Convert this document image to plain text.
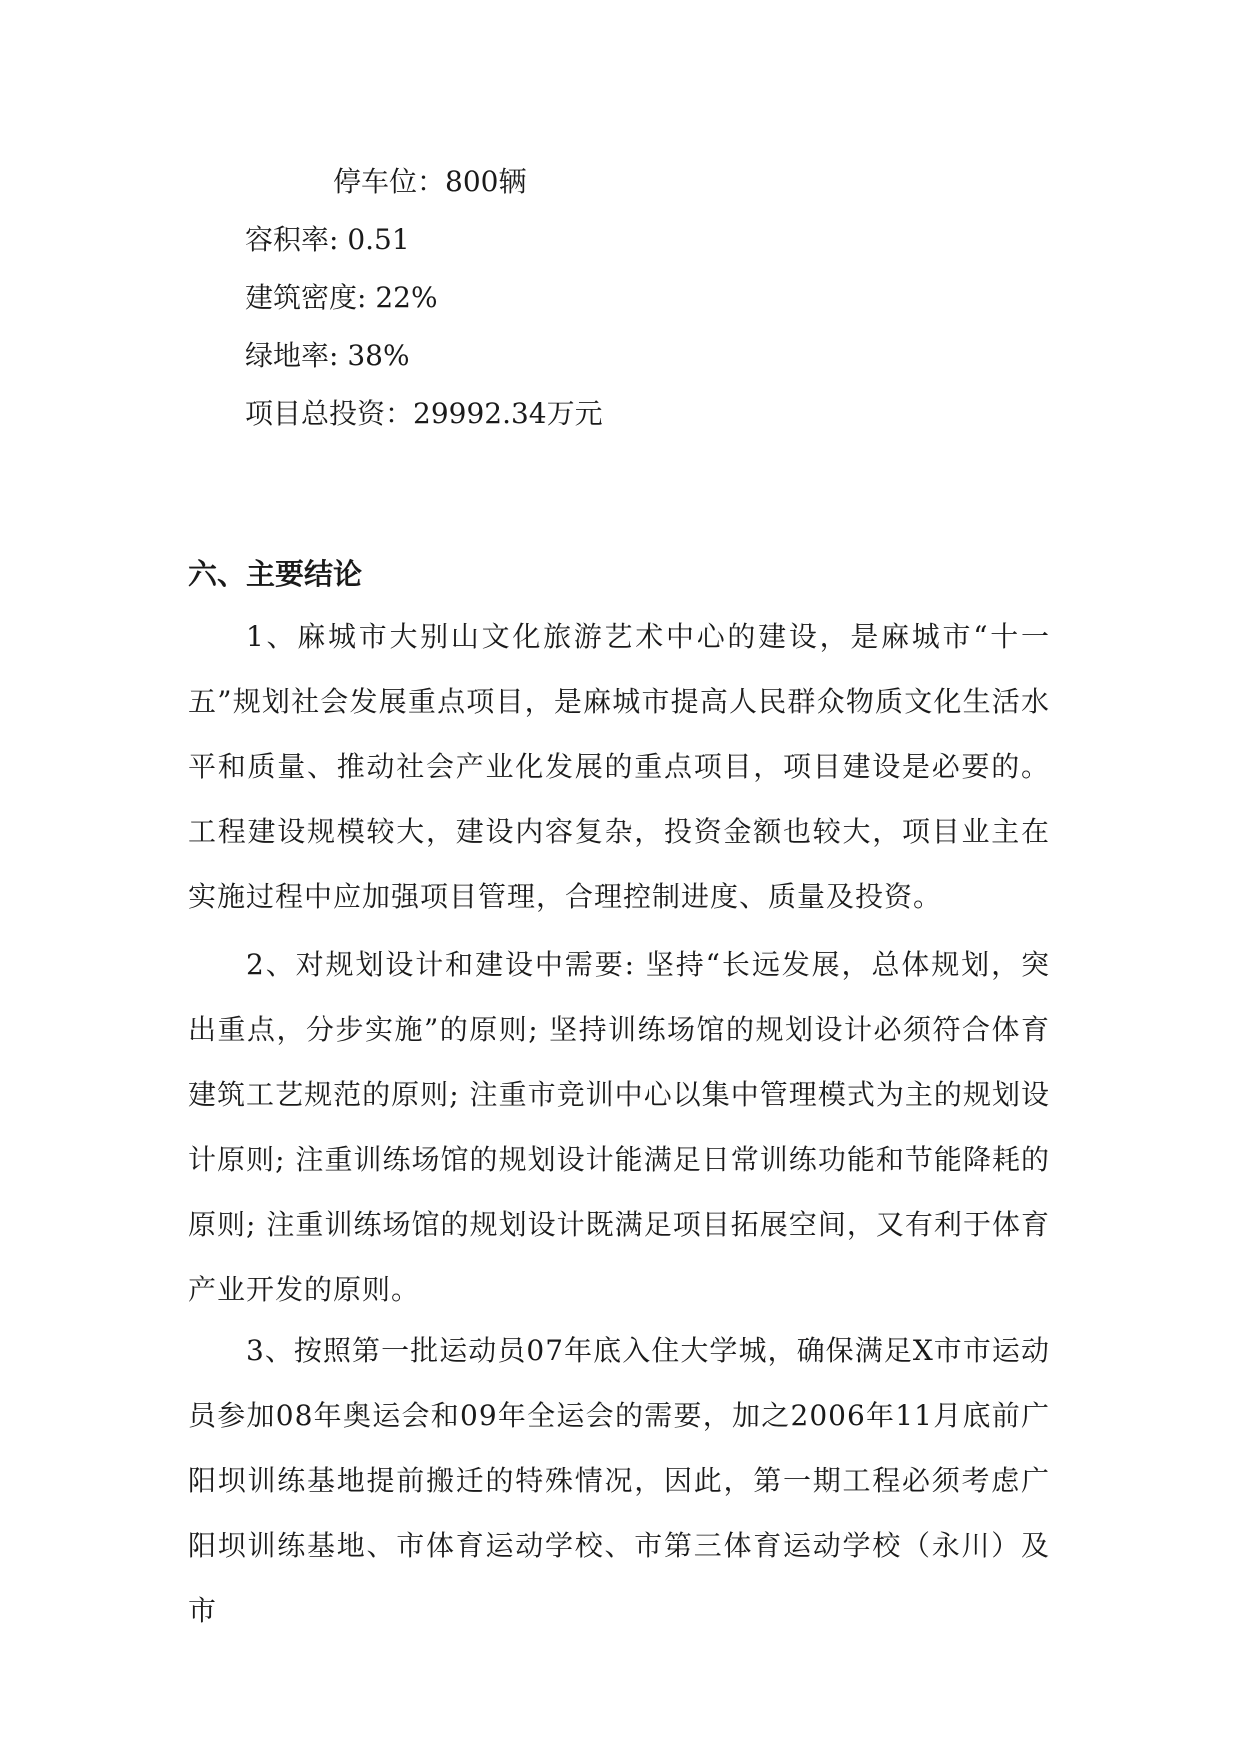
停车位：800辆

容积率: 0.51

建筑密度: 22%

绿地率: 38%

项目总投资：29992.34万元

六、主要结论

1、麻城市大别山文化旅游艺术中心的建设，是麻城市“十一五”规划社会发展重点项目，是麻城市提高人民群众物质文化生活水平和质量、推动社会产业化发展的重点项目，项目建设是必要的。工程建设规模较大，建设内容复杂，投资金额也较大，项目业主在实施过程中应加强项目管理，合理控制进度、质量及投资。

2、对规划设计和建设中需要: 坚持“长远发展，总体规划，突出重点，分步实施”的原则; 坚持训练场馆的规划设计必须符合体育建筑工艺规范的原则; 注重市竞训中心以集中管理模式为主的规划设计原则; 注重训练场馆的规划设计能满足日常训练功能和节能降耗的原则; 注重训练场馆的规划设计既满足项目拓展空间，又有利于体育产业开发的原则。

3、按照第一批运动员07年底入住大学城，确保满足X市市运动员参加08年奥运会和09年全运会的需要，加之2006年11月底前广阳坝训练基地提前搬迁的特殊情况，因此，第一期工程必须考虑广阳坝训练基地、市体育运动学校、市第三体育运动学校（永川）及市
